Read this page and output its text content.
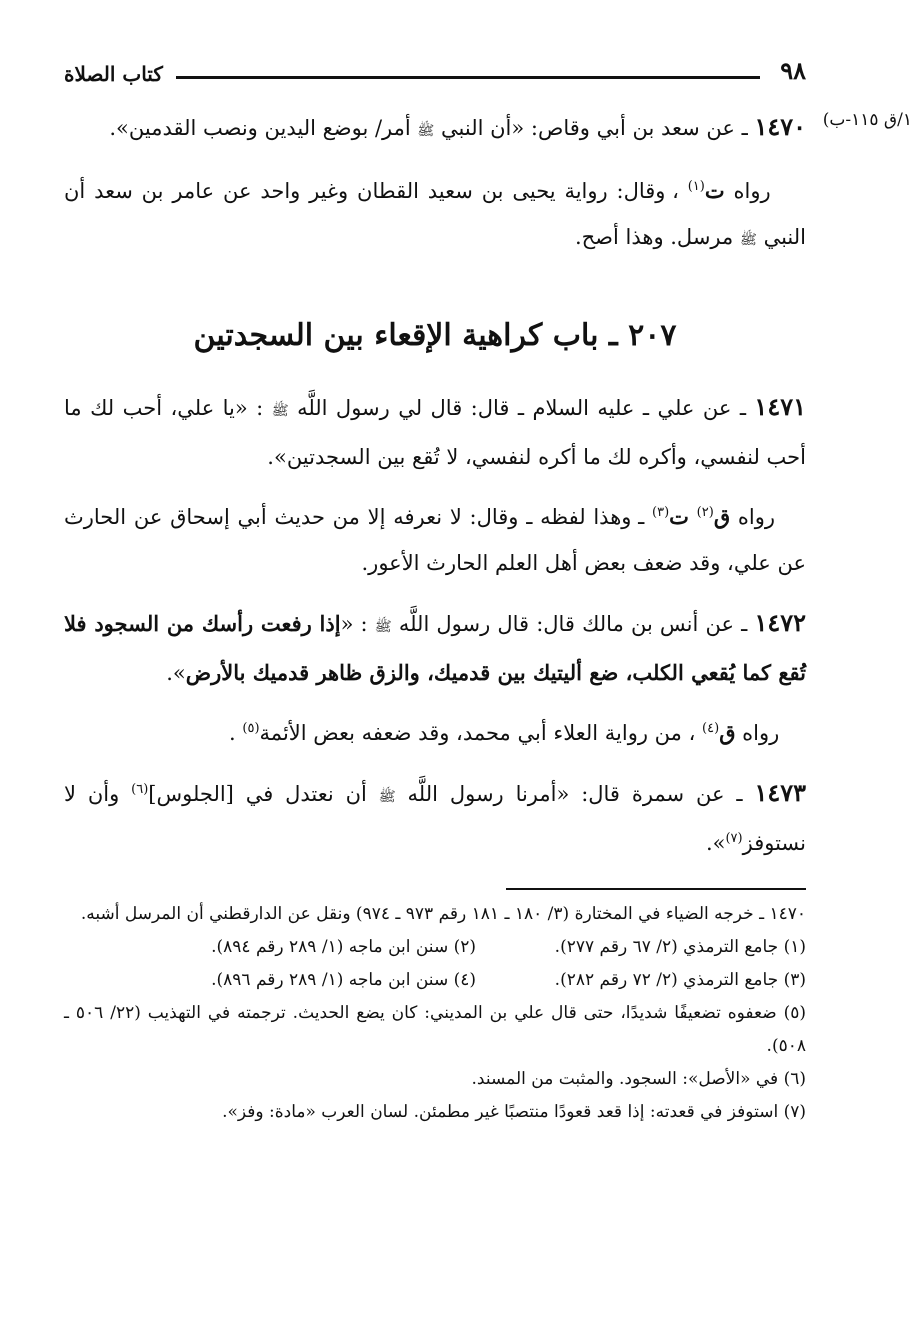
٩٨
كتاب الصلاة
١/ق ١١٥-ب)

١٤٧٠ ـ عن سعد بن أبي وقاص: «أن النبي ﷺ أمر/ بوضع اليدين ونصب القدمين».

رواه ت$^{(١)}$ ، وقال: رواية يحيى بن سعيد القطان وغير واحد عن عامر بن سعد أن النبي ﷺ مرسل. وهذا أصح.

٢٠٧ ـ باب كراهية الإقعاء بين السجدتين

١٤٧١ ـ عن علي ـ عليه السلام ـ قال: قال لي رسول اللَّه ﷺ : «يا علي، أحب لك ما أحب لنفسي، وأكره لك ما أكره لنفسي، لا تُقع بين السجدتين».

رواه ق$^{(٢)}$ ت$^{(٣)}$ ـ وهذا لفظه ـ وقال: لا نعرفه إلا من حديث أبي إسحاق عن الحارث عن علي، وقد ضعف بعض أهل العلم الحارث الأعور.

١٤٧٢ ـ عن أنس بن مالك قال: قال رسول اللَّه ﷺ : «إذا رفعت رأسك من السجود فلا تُقع كما يُقعي الكلب، ضع أليتيك بين قدميك، والزق ظاهر قدميك بالأرض».

رواه ق$^{(٤)}$ ، من رواية العلاء أبي محمد، وقد ضعفه بعض الأئمة$^{(٥)}$ .

١٤٧٣ ـ عن سمرة قال: «أمرنا رسول اللَّه ﷺ أن نعتدل في [الجلوس]$^{(٦)}$ وأن لا نستوفز$^{(٧)}$».

١٤٧٠ ـ خرجه الضياء في المختارة (٣/ ١٨٠ ـ ١٨١ رقم ٩٧٣ ـ ٩٧٤) ونقل عن الدارقطني أن المرسل أشبه.

(١) جامع الترمذي (٢/ ٦٧ رقم ٢٧٧).

(٢) سنن ابن ماجه (١/ ٢٨٩ رقم ٨٩٤).

(٣) جامع الترمذي (٢/ ٧٢ رقم ٢٨٢).

(٤) سنن ابن ماجه (١/ ٢٨٩ رقم ٨٩٦).

(٥) ضعفوه تضعيفًا شديدًا، حتى قال علي بن المديني: كان يضع الحديث. ترجمته في التهذيب (٢٢/ ٥٠٦ ـ ٥٠٨).

(٦) في «الأصل»: السجود. والمثبت من المسند.

(٧) استوفز في قعدته: إذا قعد قعودًا منتصبًا غير مطمئن. لسان العرب «مادة: وفز».
